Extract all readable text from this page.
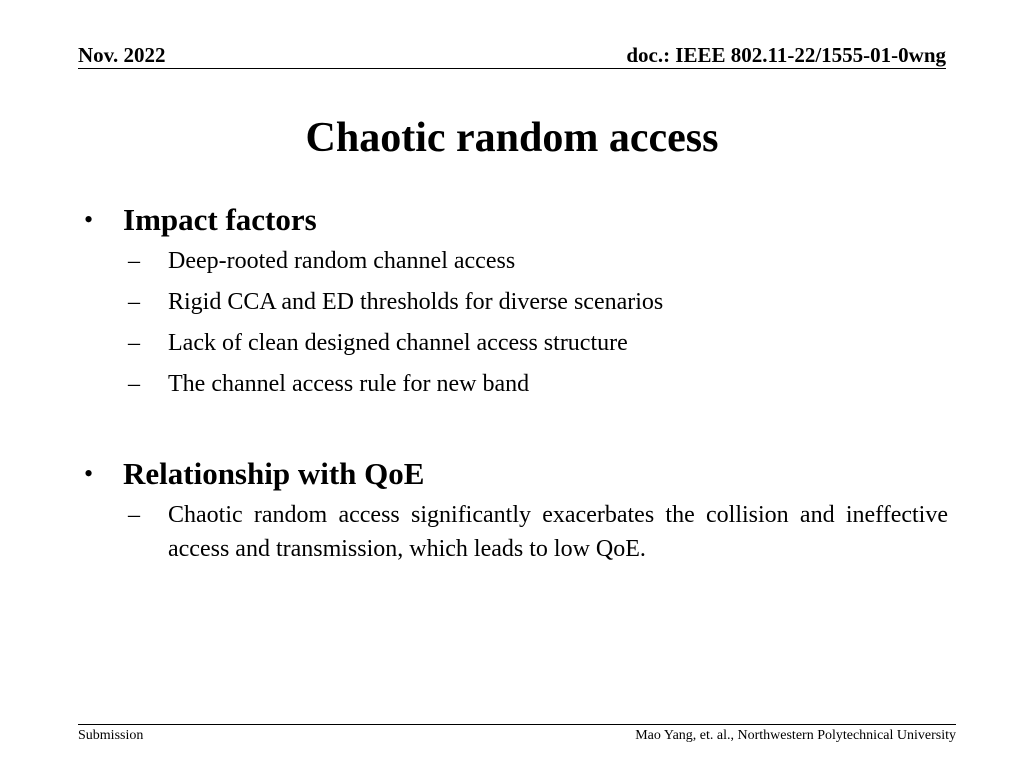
Nov. 2022	doc.: IEEE 802.11-22/1555-01-0wng
Chaotic random access
• Impact factors
– Deep-rooted random channel access
– Rigid CCA and ED thresholds for diverse scenarios
– Lack of clean designed channel access structure
– The channel access rule for new band
• Relationship with QoE
– Chaotic random access significantly exacerbates the collision and ineffective access and transmission, which leads to low QoE.
Submission	Mao Yang, et. al., Northwestern Polytechnical University
